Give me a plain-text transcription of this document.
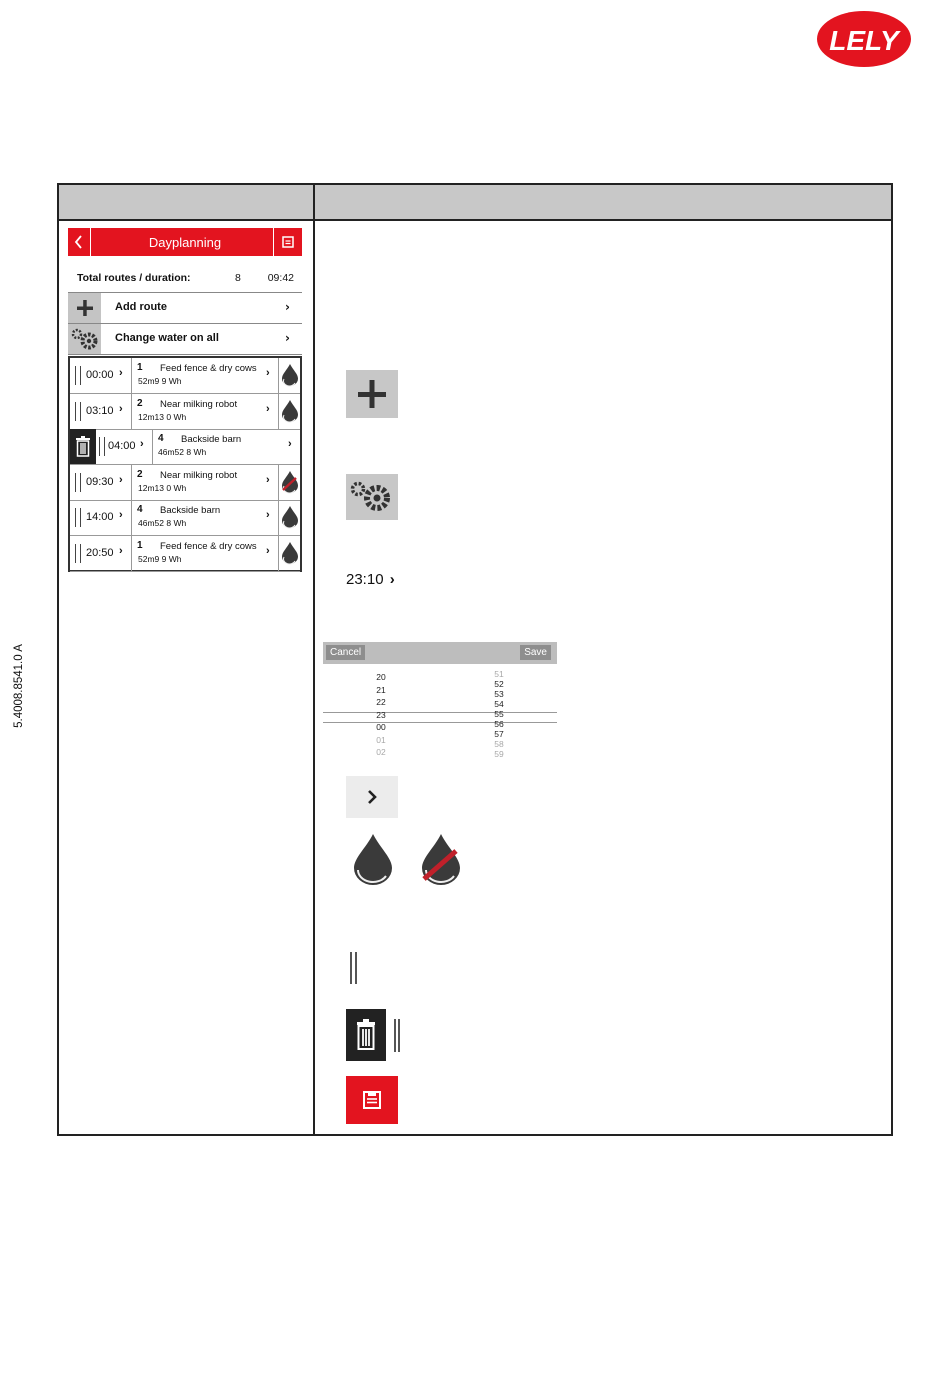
LELY
5.4008.8541.0 A
Dayplanning
Total routes / duration:	8	09:42
Add route	›
Change water on all	›
00:00 › 1 Feed fence & dry cows
52m9 9 Wh
›
03:10 › 2 Near milking robot
12m13 0 Wh
›
04:00 › 4 Backside barn
46m52 8 Wh
›
09:30 › 2 Near milking robot
12m13 0 Wh
›
14:00 › 4 Backside barn
46m52 8 Wh
›
20:50 › 1 Feed fence & dry cows
52m9 9 Wh
›
23:10 ›
Cancel	Save
20
21
22
23
00
01
02
51
52
53
54
55
56
57
58
59
